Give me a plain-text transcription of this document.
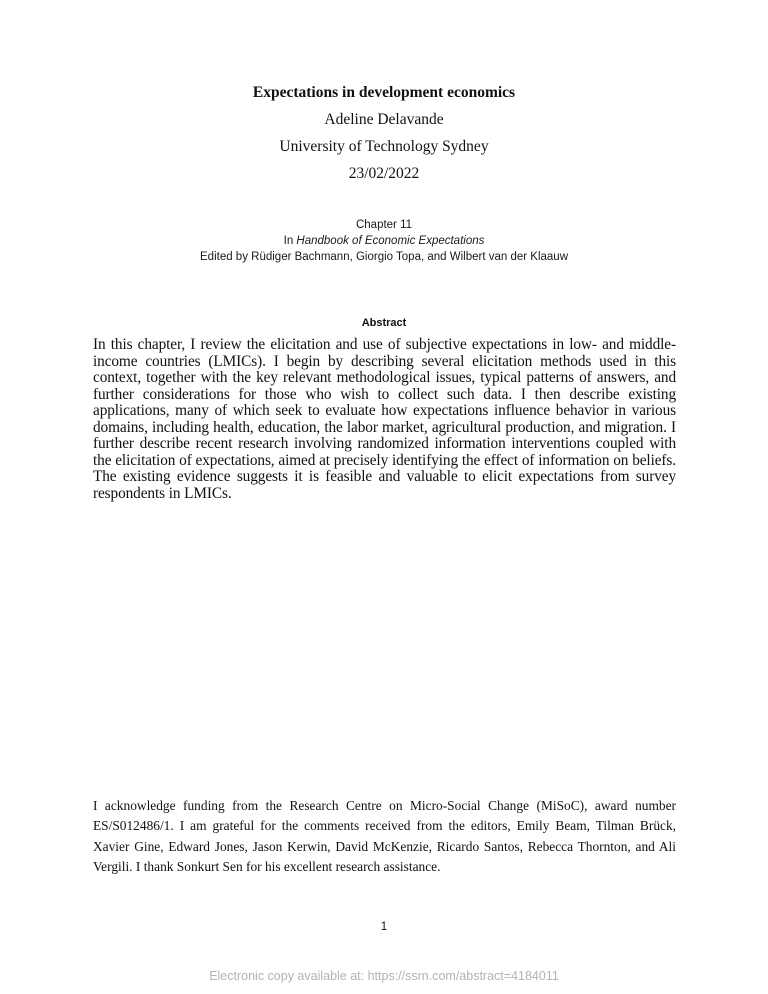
Expectations in development economics
Adeline Delavande
University of Technology Sydney
23/02/2022
Chapter 11
In Handbook of Economic Expectations
Edited by Rüdiger Bachmann, Giorgio Topa, and Wilbert van der Klaauw
Abstract
In this chapter, I review the elicitation and use of subjective expectations in low- and middle-income countries (LMICs). I begin by describing several elicitation methods used in this context, together with the key relevant methodological issues, typical patterns of answers, and further considerations for those who wish to collect such data. I then describe existing applications, many of which seek to evaluate how expectations influence behavior in various domains, including health, education, the labor market, agricultural production, and migration. I further describe recent research involving randomized information interventions coupled with the elicitation of expectations, aimed at precisely identifying the effect of information on beliefs. The existing evidence suggests it is feasible and valuable to elicit expectations from survey respondents in LMICs.
I acknowledge funding from the Research Centre on Micro-Social Change (MiSoC), award number ES/S012486/1. I am grateful for the comments received from the editors, Emily Beam, Tilman Brück, Xavier Gine, Edward Jones, Jason Kerwin, David McKenzie, Ricardo Santos, Rebecca Thornton, and Ali Vergili. I thank Sonkurt Sen for his excellent research assistance.
1
Electronic copy available at: https://ssrn.com/abstract=4184011
